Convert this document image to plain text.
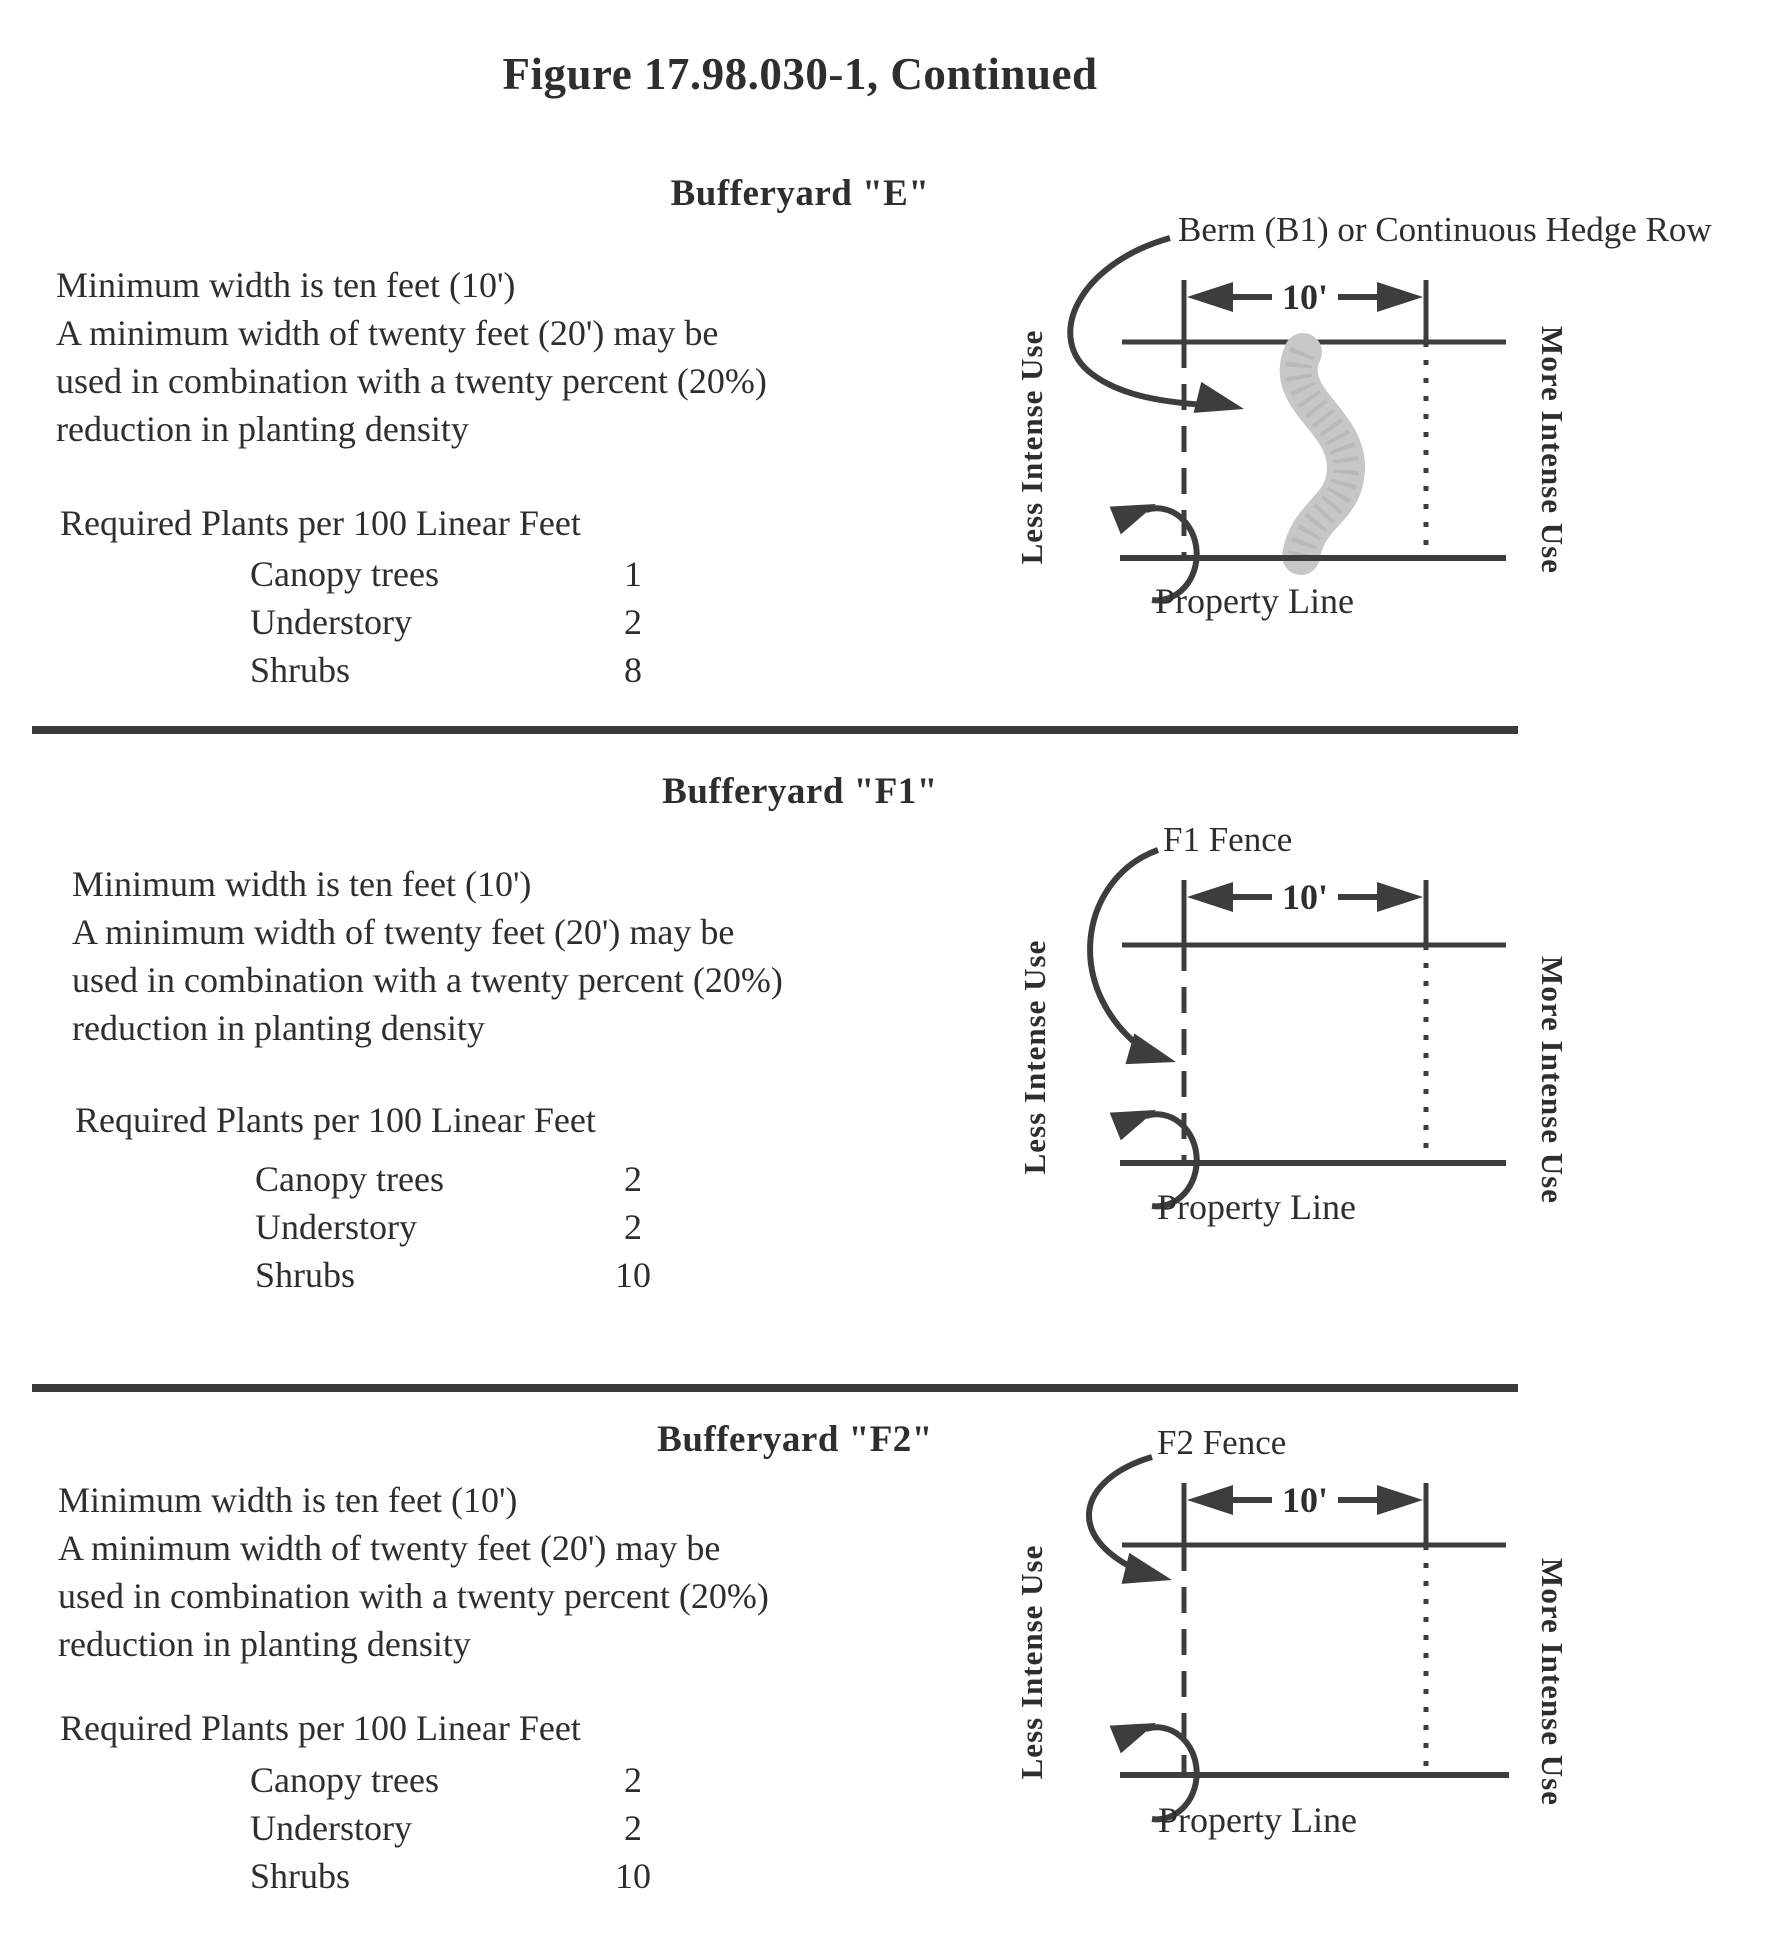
Figure 17.98.030-1, Continued
Bufferyard "E"
Minimum width is ten feet (10')
A minimum width of twenty feet (20') may be
used in combination with a twenty percent (20%)
reduction in planting density
Required Plants per 100 Linear Feet
Canopy trees	1
Understory	2
Shrubs	8
Berm (B1) or Continuous Hedge Row
10'
Property Line
Less Intense Use	More Intense Use
Bufferyard "F1"
Minimum width is ten feet (10')
A minimum width of twenty feet (20') may be
used in combination with a twenty percent (20%)
reduction in planting density
Required Plants per 100 Linear Feet
Canopy trees	2
Understory	2
Shrubs	10
F1 Fence
10'
Property Line
Less Intense Use	More Intense Use
Bufferyard "F2"
Minimum width is ten feet (10')
A minimum width of twenty feet (20') may be
used in combination with a twenty percent (20%)
reduction in planting density
Required Plants per 100 Linear Feet
Canopy trees	2
Understory	2
Shrubs	10
F2 Fence
10'
Property Line
Less Intense Use	More Intense Use
